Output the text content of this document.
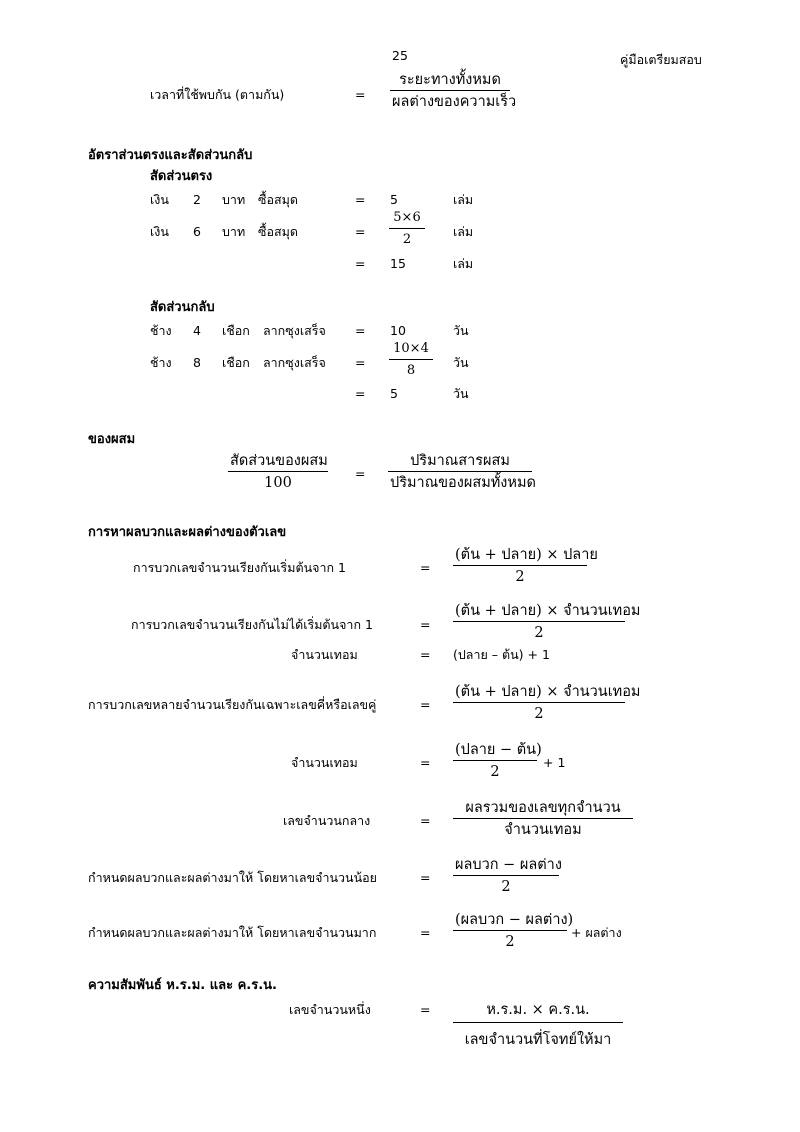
25	คู่มือเตรียมสอบ
เวลาที่ใช้พบกัน (ตามกัน)	=
ระยะทางทั้งหมด
ผลต่างของความเร็ว
อัตราส่วนตรงและสัดส่วนกลับ
สัดส่วนตรง
เงิน 2 บาท ซื้อสมุด	= 5	เล่ม
เงิน 6 บาท ซื้อสมุด	= $\frac{5\times 6}{2}$ เล่ม
= 15	เล่ม
สัดส่วนกลับ
ช้าง 4 เชือก ลากซุงเสร็จ = 10	วัน
ช้าง 8 เชือก ลากซุงเสร็จ = $\frac{10\times 4}{8}$ วัน
= 5	วัน
ของผสม
สัดส่วนของผสม
100
=
ปริมาณสารผสม
ปริมาณของผสมทั้งหมด
การหาผลบวกและผลต่างของตัวเลข
การบวกเลขจำนวนเรียงกันเริ่มต้นจาก 1	=
(ต้น + ปลาย) × ปลาย
2
การบวกเลขจำนวนเรียงกันไม่ได้เริ่มต้นจาก 1	=
(ต้น + ปลาย) × จำนวนเทอม
2
จำนวนเทอม	= (ปลาย – ต้น) + 1
การบวกเลขหลายจำนวนเรียงกันเฉพาะเลขคี่หรือเลขคู่	=
(ต้น + ปลาย) × จำนวนเทอม
2
จำนวนเทอม	=
(ปลาย − ต้น)
2
+ 1
เลขจำนวนกลาง	=
ผลรวมของเลขทุกจำนวน
จำนวนเทอม
กำหนดผลบวกและผลต่างมาให้ โดยหาเลขจำนวนน้อย	=
ผลบวก − ผลต่าง
2
กำหนดผลบวกและผลต่างมาให้ โดยหาเลขจำนวนมาก	=
(ผลบวก − ผลต่าง)
2
+ ผลต่าง
ความสัมพันธ์ ห.ร.ม. และ ค.ร.น.
เลขจำนวนหนึ่ง	=	ห.ร.ม. × ค.ร.น.
เลขจำนวนที่โจทย์ให้มา
